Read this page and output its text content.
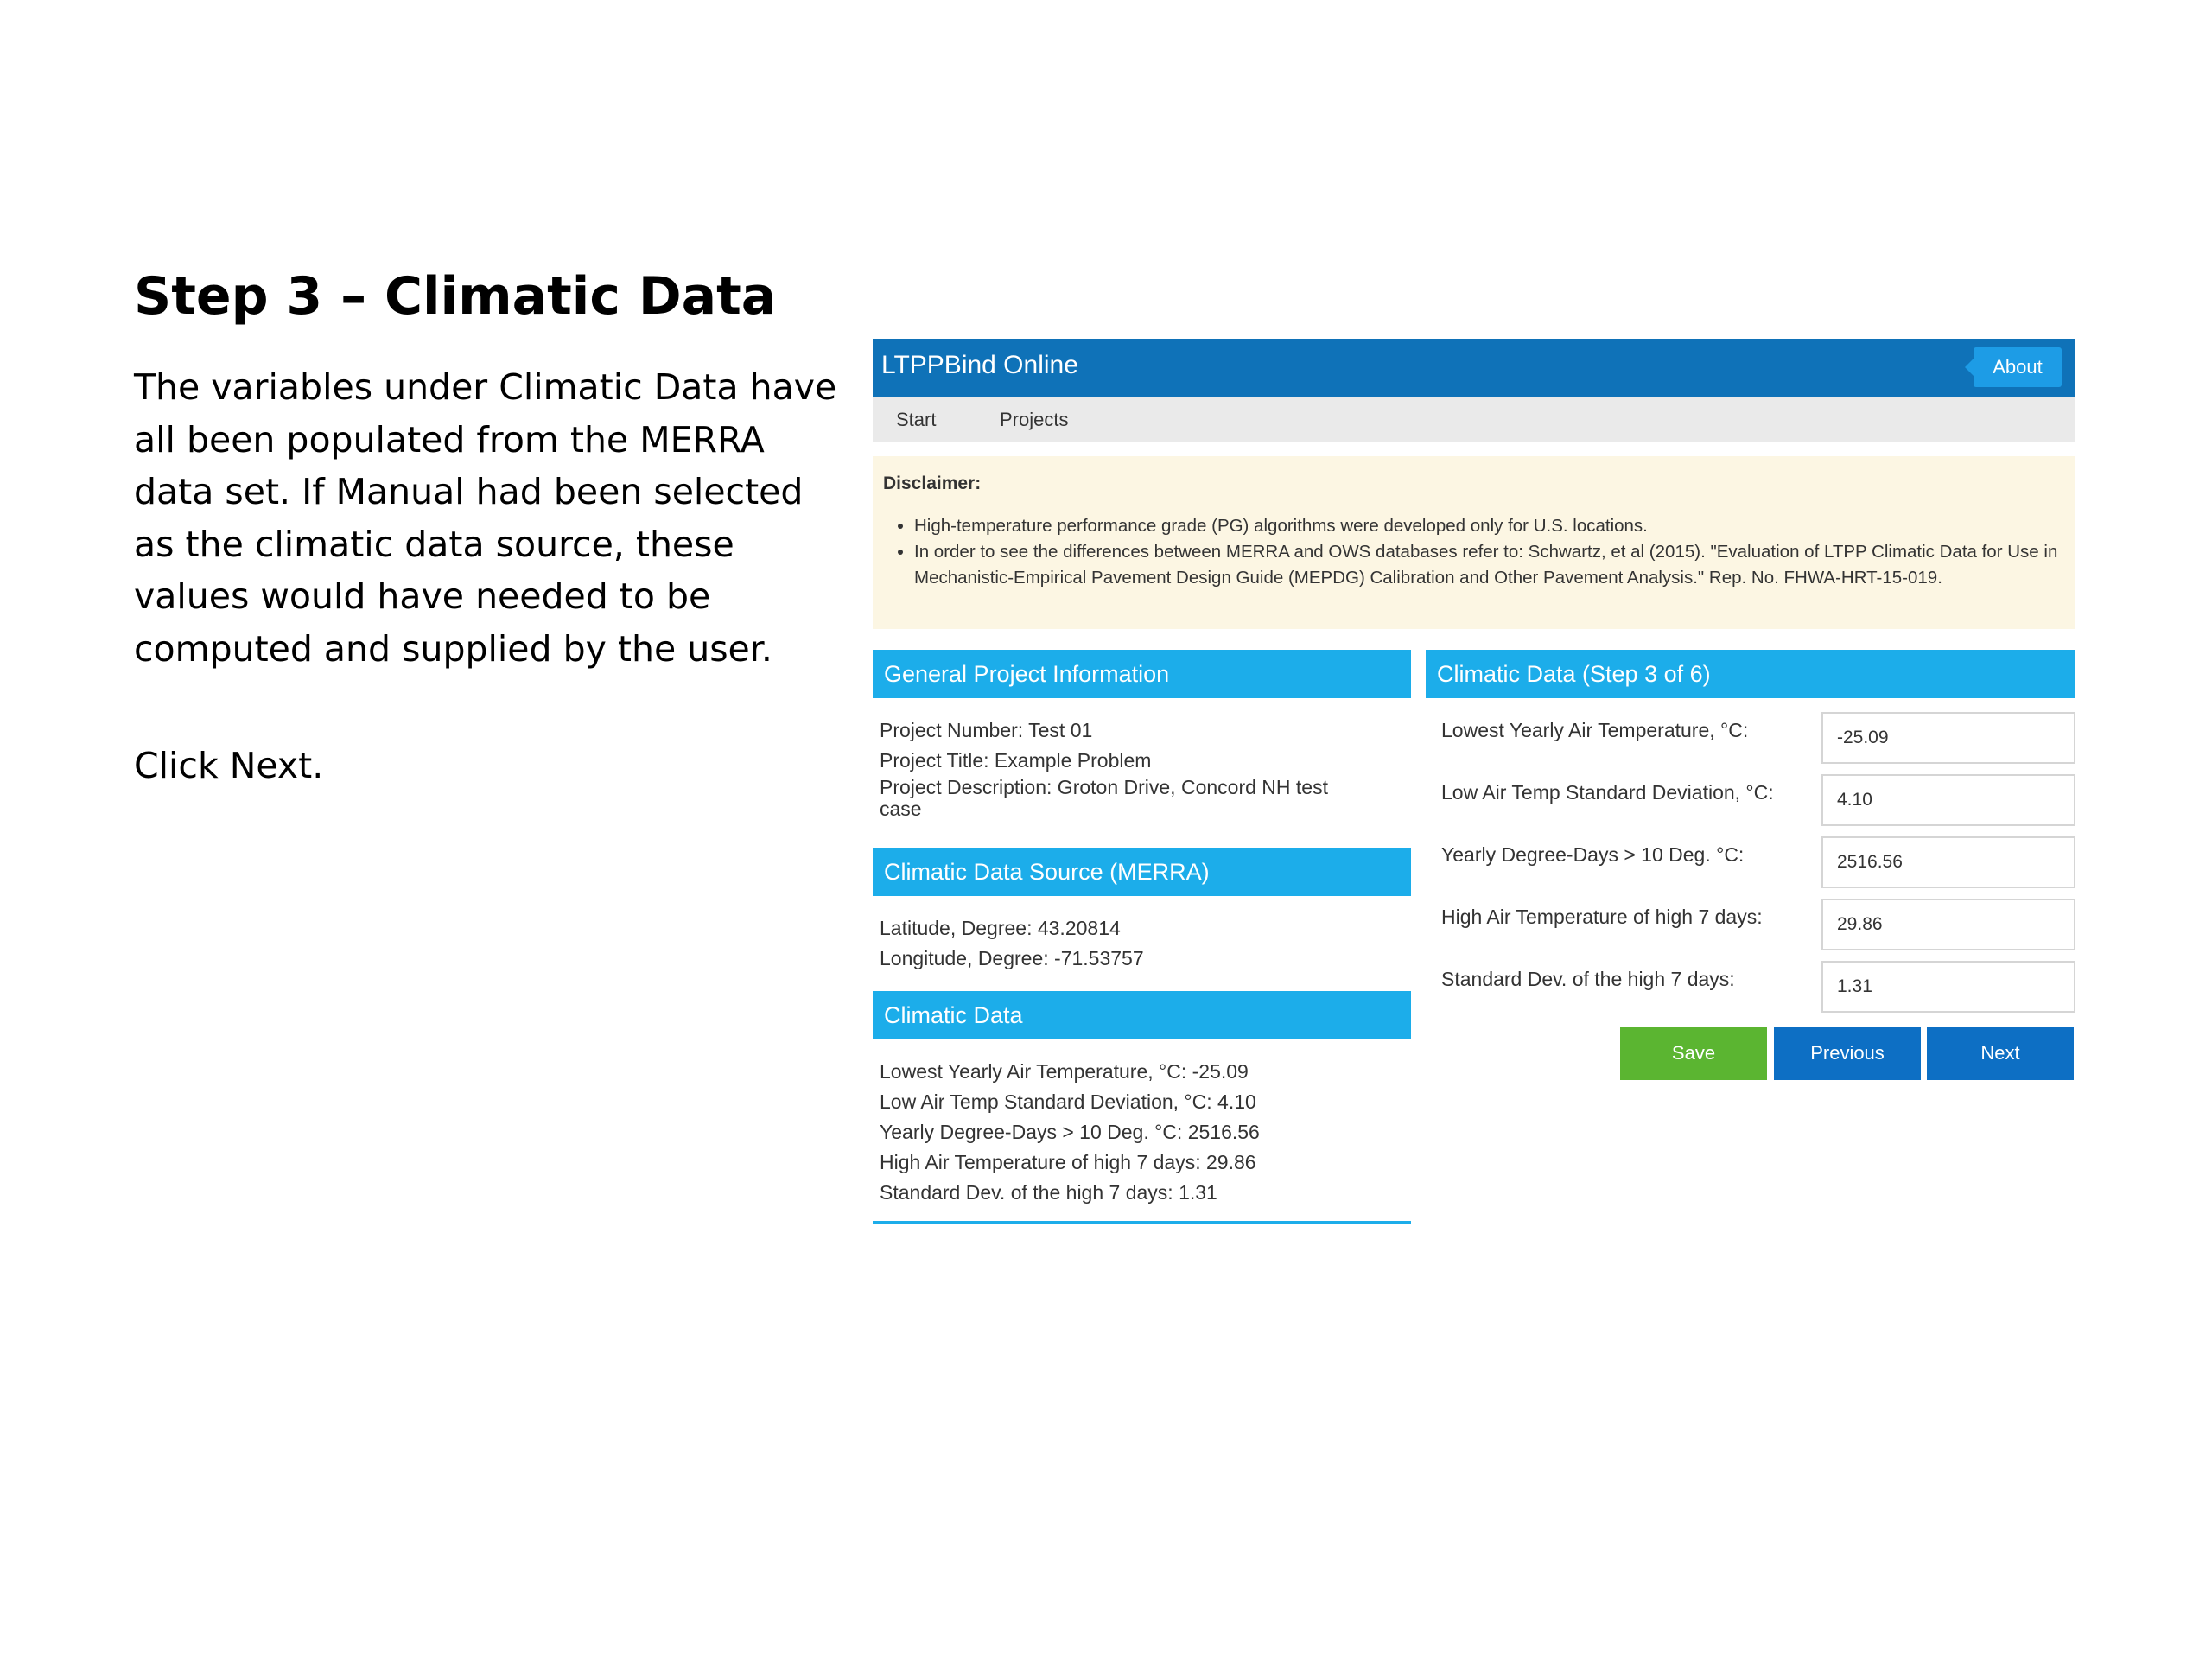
Step 3 – Climatic Data

The variables under Climatic Data have all been populated from the MERRA data set. If Manual had been selected as the climatic data source, these values would have needed to be computed and supplied by the user.

Click Next.

LTPPBind Online	About
Start	Projects
Disclaimer:
• High-temperature performance grade (PG) algorithms were developed only for U.S. locations.
• In order to see the differences between MERRA and OWS databases refer to: Schwartz, et al (2015). "Evaluation of LTPP Climatic Data for Use in Mechanistic-Empirical Pavement Design Guide (MEPDG) Calibration and Other Pavement Analysis." Rep. No. FHWA-HRT-15-019.
General Project Information
Project Number: Test 01
Project Title: Example Problem
Project Description: Groton Drive, Concord NH test
case
Climatic Data Source (MERRA)
Latitude, Degree: 43.20814
Longitude, Degree: -71.53757
Climatic Data
Lowest Yearly Air Temperature, °C: -25.09
Low Air Temp Standard Deviation, °C: 4.10
Yearly Degree-Days > 10 Deg. °C: 2516.56
High Air Temperature of high 7 days: 29.86
Standard Dev. of the high 7 days: 1.31
Climatic Data (Step 3 of 6)
Lowest Yearly Air Temperature, °C:
-25.09
Low Air Temp Standard Deviation, °C:
4.10
Yearly Degree-Days > 10 Deg. °C:
2516.56
High Air Temperature of high 7 days:
29.86
Standard Dev. of the high 7 days:
1.31
Save	Previous	Next
